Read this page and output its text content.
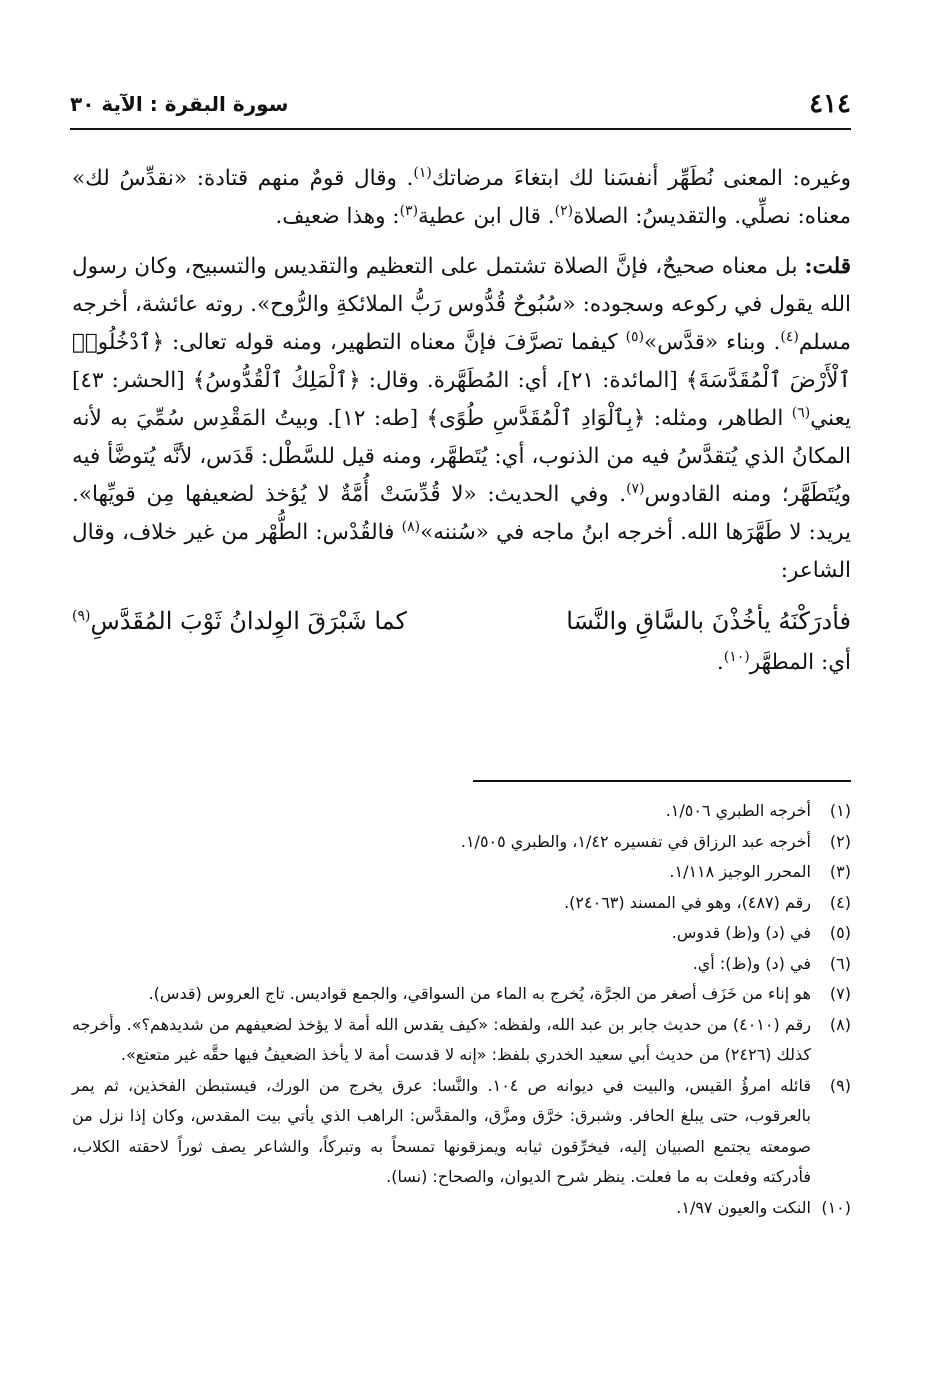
٤١٤
سورة البقرة : الآية ٣٠

وغيره: المعنى نُطَهِّر أنفسَنا لك ابتغاءَ مرضاتك$^{(١)}$. وقال قومٌ منهم قتادة: «نقدِّسُ لك» معناه: نصلِّي. والتقديسُ: الصلاة$^{(٢)}$. قال ابن عطية$^{(٣)}$: وهذا ضعيف.

قلت: بل معناه صحيحٌ، فإنَّ الصلاة تشتمل على التعظيم والتقديس والتسبيح، وكان رسول الله يقول في ركوعه وسجوده: «سُبُوحٌ قُدُّوس رَبُّ الملائكةِ والرُّوح». روته عائشة، أخرجه مسلم$^{(٤)}$. وبناء «قدَّس»$^{(٥)}$ كيفما تصرَّفَ فإنَّ معناه التطهير، ومنه قوله تعالى: ﴿ٱدْخُلُوا۟ ٱلْأَرْضَ ٱلْمُقَدَّسَةَ﴾ [المائدة: ٢١]، أي: المُطَهَّرة. وقال: ﴿ٱلْمَلِكُ ٱلْقُدُّوسُ﴾ [الحشر: ٤٣] يعني$^{(٦)}$ الطاهر، ومثله: ﴿بِٱلْوَادِ ٱلْمُقَدَّسِ طُوًى﴾ [طه: ١٢]. وبيتُ المَقْدِس سُمِّيَ به لأنه المكانُ الذي يُتقدَّسُ فيه من الذنوب، أي: يُتَطهَّر، ومنه قيل للسَّطْل: قَدَس، لأنَّه يُتوضَّأ فيه ويُتَطَهَّر؛ ومنه القادوس$^{(٧)}$. وفي الحديث: «لا قُدِّسَتْ أُمَّةٌ لا يُؤخذ لضعيفها مِن قويِّها». يريد: لا طَهَّرَها الله. أخرجه ابنُ ماجه في «سُننه»$^{(٨)}$ فالقُدْس: الطُّهْر من غير خلاف، وقال الشاعر:

فأدرَكْنَهُ يأخُذْنَ بالسَّاقِ والنَّسَا
كما شَبْرَقَ الوِلدانُ ثَوْبَ المُقَدَّسِ$^{(٩)}$
أي: المطهَّر$^{(١٠)}$.
(١)
أخرجه الطبري ١/٥٠٦.
(٢)
أخرجه عبد الرزاق في تفسيره ١/٤٢، والطبري ١/٥٠٥.
(٣)
المحرر الوجيز ١/١١٨.
(٤)
رقم (٤٨٧)، وهو في المسند (٢٤٠٦٣).
(٥)
في (د) و(ظ) قدوس.
(٦)
في (د) و(ظ): أي.
(٧)
هو إناء من خَزَف أصغر من الجرَّة، يُخرج به الماء من السواقي، والجمع قواديس. تاج العروس (قدس).
(٨)
رقم (٤٠١٠) من حديث جابر بن عبد الله، ولفظه: «كيف يقدس الله أمة لا يؤخذ لضعيفهم من شديدهم؟». وأخرجه كذلك (٢٤٢٦) من حديث أبي سعيد الخدري بلفظ: «إنه لا قدست أمة لا يأخذ الضعيفُ فيها حقَّه غير متعتع».
(٩)
قائله امرؤُ القيس، والبيت في ديوانه ص ١٠٤. والنَّسا: عرق يخرج من الورك، فيستبطن الفخذين، ثم يمر بالعرقوب، حتى يبلغ الحافر. وشبرق: خرَّق ومزَّق، والمقدَّس: الراهب الذي يأتي بيت المقدس، وكان إذا نزل من صومعته يجتمع الصبيان إليه، فيخرِّقون ثيابه ويمزقونها تمسحاً به وتبركاً، والشاعر يصف ثوراً لاحقته الكلاب، فأدركته وفعلت به ما فعلت. ينظر شرح الديوان، والصحاح: (نسا).
(١٠)
النكت والعيون ١/٩٧.
